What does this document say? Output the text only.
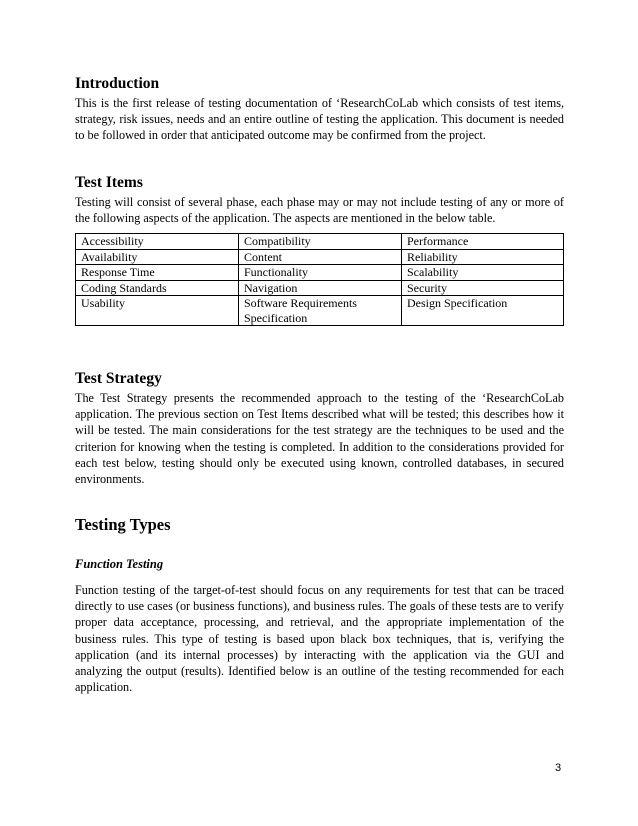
Introduction

This is the first release of testing documentation of ‘ResearchCoLab which consists of test items, strategy, risk issues, needs and an entire outline of testing the application. This document is needed to be followed in order that anticipated outcome may be confirmed from the project.

Test Items

Testing will consist of several phase, each phase may or may not include testing of any or more of the following aspects of the application. The aspects are mentioned in the below table.

Accessibility	Compatibility	Performance
Availability	Content	Reliability
Response Time	Functionality	Scalability
Coding Standards	Navigation	Security
Usability	Software Requirements Specification	Design Specification
Test Strategy

The Test Strategy presents the recommended approach to the testing of the ‘ResearchCoLab application. The previous section on Test Items described what will be tested; this describes how it will be tested. The main considerations for the test strategy are the techniques to be used and the criterion for knowing when the testing is completed. In addition to the considerations provided for each test below, testing should only be executed using known, controlled databases, in secured environments.

Testing Types
Function Testing

Function testing of the target-of-test should focus on any requirements for test that can be traced directly to use cases (or business functions), and business rules. The goals of these tests are to verify proper data acceptance, processing, and retrieval, and the appropriate implementation of the business rules. This type of testing is based upon black box techniques, that is, verifying the application (and its internal processes) by interacting with the application via the GUI and analyzing the output (results). Identified below is an outline of the testing recommended for each application.

3
